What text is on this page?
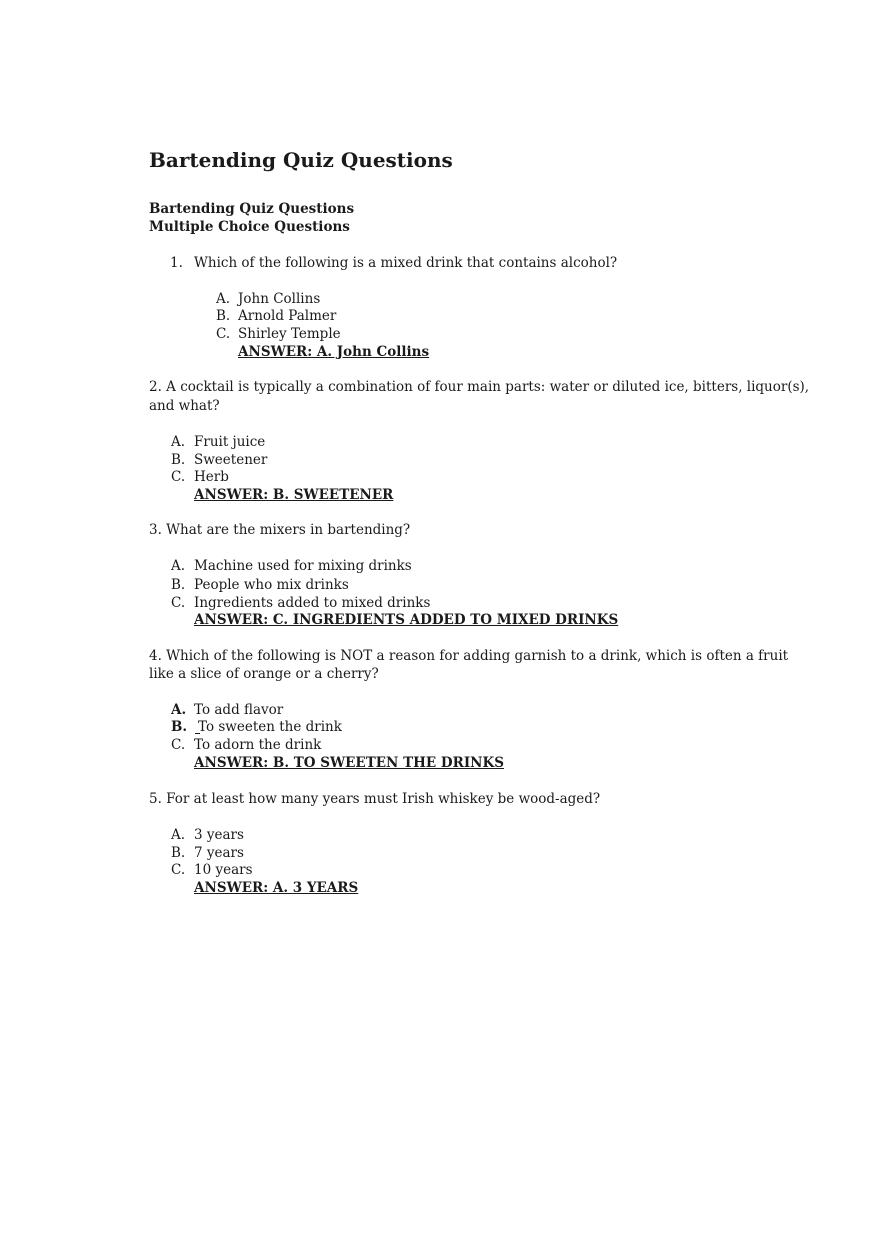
Bartending Quiz Questions
Bartending Quiz Questions
Multiple Choice Questions
1. Which of the following is a mixed drink that contains alcohol?
A. John Collins
B. Arnold Palmer
C. Shirley Temple
ANSWER: A. John Collins
2. A cocktail is typically a combination of four main parts: water or diluted ice, bitters, liquor(s),
and what?
A. Fruit juice
B. Sweetener
C. Herb
ANSWER: B. SWEETENER
3. What are the mixers in bartending?
A. Machine used for mixing drinks
B. People who mix drinks
C. Ingredients added to mixed drinks
ANSWER: C. INGREDIENTS ADDED TO MIXED DRINKS
4. Which of the following is NOT a reason for adding garnish to a drink, which is often a fruit
like a slice of orange or a cherry?
A. To add flavor
B. To sweeten the drink
C. To adorn the drink
ANSWER: B. TO SWEETEN THE DRINKS
5. For at least how many years must Irish whiskey be wood-aged?
A. 3 years
B. 7 years
C. 10 years
ANSWER: A. 3 YEARS
